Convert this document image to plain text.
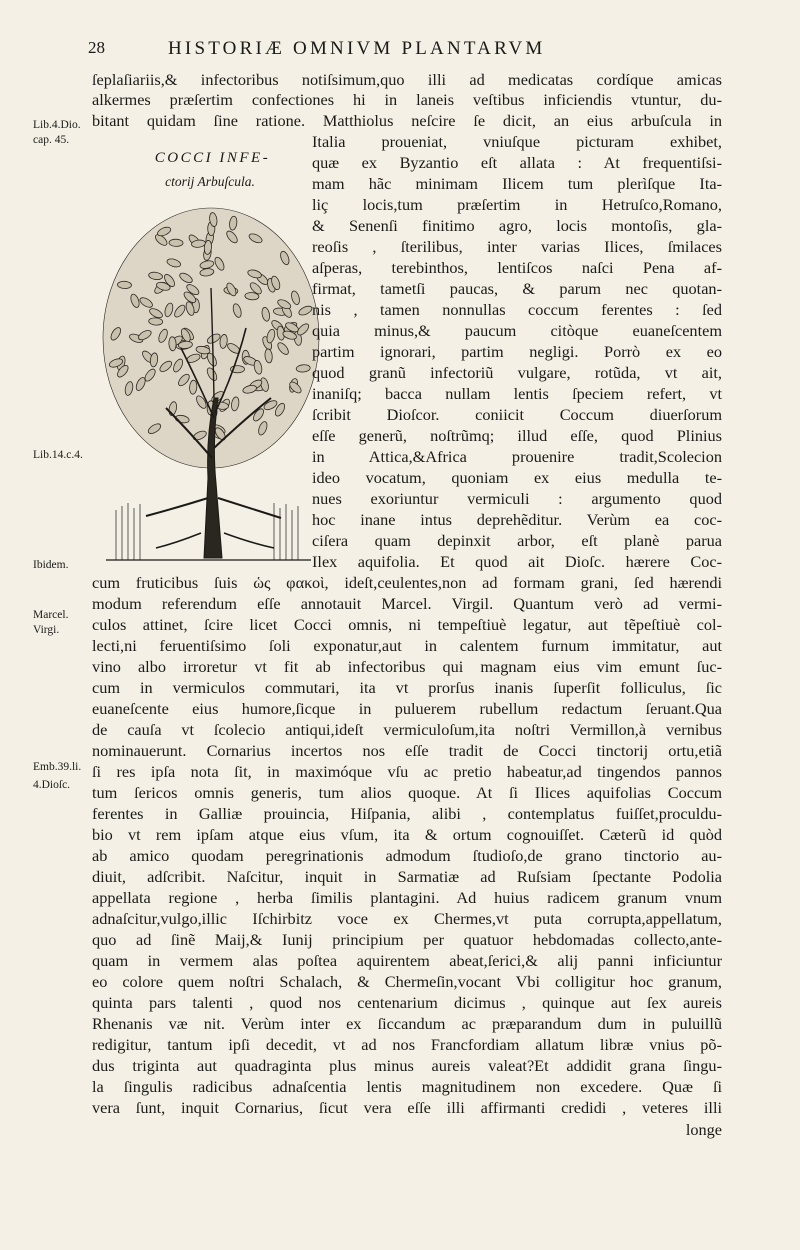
28	HISTORIÆ OMNIVM PLANTARVM
Lib.4.Dio.
cap. 45.
Lib.14.c.4.
Ibidem.
Marcel.
Virgi.
Emb.39.li.
4.Dioſc.
COCCI INFE-
ctorij Arbuſcula.
ſeplaſiariis,& infectoribus notiſsimum,quo illi ad medicatas cordíque amicas
alkermes præſertim confectiones hi in laneis veſtibus inficiendis vtuntur, du-
bitant quidam ſine ratione. Matthiolus neſcire ſe dicit, an eius arbuſcula in
Italia proueniat, vniuſque picturam exhibet,
quæ ex Byzantio eſt allata : At frequentiſsi-
mam hãc minimam Ilicem tum plerìſque Ita-
liç locis,tum præſertim in Hetruſco,Romano,
& Senenſi finitimo agro, locis montoſis, gla-
reoſis , ſterilibus, inter varias Ilices, ſmilaces
aſperas, terebinthos, lentiſcos naſci Pena af-
firmat, tametſi paucas, & parum nec quotan-
nis , tamen nonnullas coccum ferentes : ſed
quia minus,& paucum citòque euaneſcentem
partim ignorari, partim negligi. Porrò ex eo
quod granũ infectoriũ vulgare, rotũda, vt ait,
inaniſq; bacca nullam lentis ſpeciem refert, vt
ſcribit Dioſcor. coniicit Coccum diuerſorum
eſſe generũ, noſtrũmq; illud eſſe, quod Plinius
in Attica,&Africa prouenire tradit,Scolecion
ideo vocatum, quoniam ex eius medulla te-
nues exoriuntur vermiculi : argumento quod
hoc inane intus deprehẽditur. Verùm ea coc-
ciſera quam depinxit arbor, eſt planè parua
Ilex aquifolia. Et quod ait Dioſc. hærere Coc-
cum fruticibus ſuis ὡς φακοὶ, ideſt,ceulentes,non ad formam grani, ſed hærendi
modum referendum eſſe annotauit Marcel. Virgil. Quantum verò ad vermi-
culos attinet, ſcire licet Cocci omnis, ni tempeſtiuè legatur, aut tẽpeſtiuè col-
lecti,ni feruentiſsimo ſoli exponatur,aut in calentem furnum immitatur, aut
vino albo irroretur vt fit ab infectoribus qui magnam eius vim emunt ſuc-
cum in vermiculos commutari, ita vt prorſus inanis ſuperſit folliculus, ſic
euaneſcente eius humore,ſicque in puluerem rubellum redactum ſeruant.Qua
de cauſa vt ſcolecio antiqui,ideſt vermiculoſum,ita noſtri Vermillon,à vernibus
nominauerunt. Cornarius incertos nos eſſe tradit de Cocci tinctorij ortu,etiã
ſi res ipſa nota ſit, in maximóque vſu ac pretio habeatur,ad tingendos pannos
tum ſericos omnis generis, tum alios quoque. At ſi Ilices aquifolias Coccum
ferentes in Galliæ prouincia, Hiſpania, alibi , contemplatus fuiſſet,proculdu-
bio vt rem ipſam atque eius vſum, ita & ortum cognouiſſet. Cæterũ id quòd
ab amico quodam peregrinationis admodum ſtudioſo,de grano tinctorio au-
diuit, adſcribit. Naſcitur, inquit in Sarmatiæ ad Ruſsiam ſpectante Podolia
appellata regione , herba ſimilis plantagini. Ad huius radicem granum vnum
adnaſcitur,vulgo,illic Iſchirbitz voce ex Chermes,vt puta corrupta,appellatum,
quo ad ſinẽ Maij,& Iunij principium per quatuor hebdomadas collecto,ante-
quam in vermem alas poſtea aquirentem abeat,ſerici,& alij panni inficiuntur
eo colore quem noſtri Schalach, & Chermeſin,vocant Vbi colligitur hoc granum,
quinta pars talenti , quod nos centenarium dicimus , quinque aut ſex aureis
Rhenanis væ nit. Verùm inter ex ſiccandum ac præparandum dum in puluillũ
redigitur, tantum ipſi decedit, vt ad nos Francfordiam allatum libræ vnius põ-
dus triginta aut quadraginta plus minus aureis valeat?Et addidit grana ſingu-
la ſingulis radicibus adnaſcentia lentis magnitudinem non excedere. Quæ ſi
vera ſunt, inquit Cornarius, ſicut vera eſſe illi affirmanti credidi , veteres illi
longe
